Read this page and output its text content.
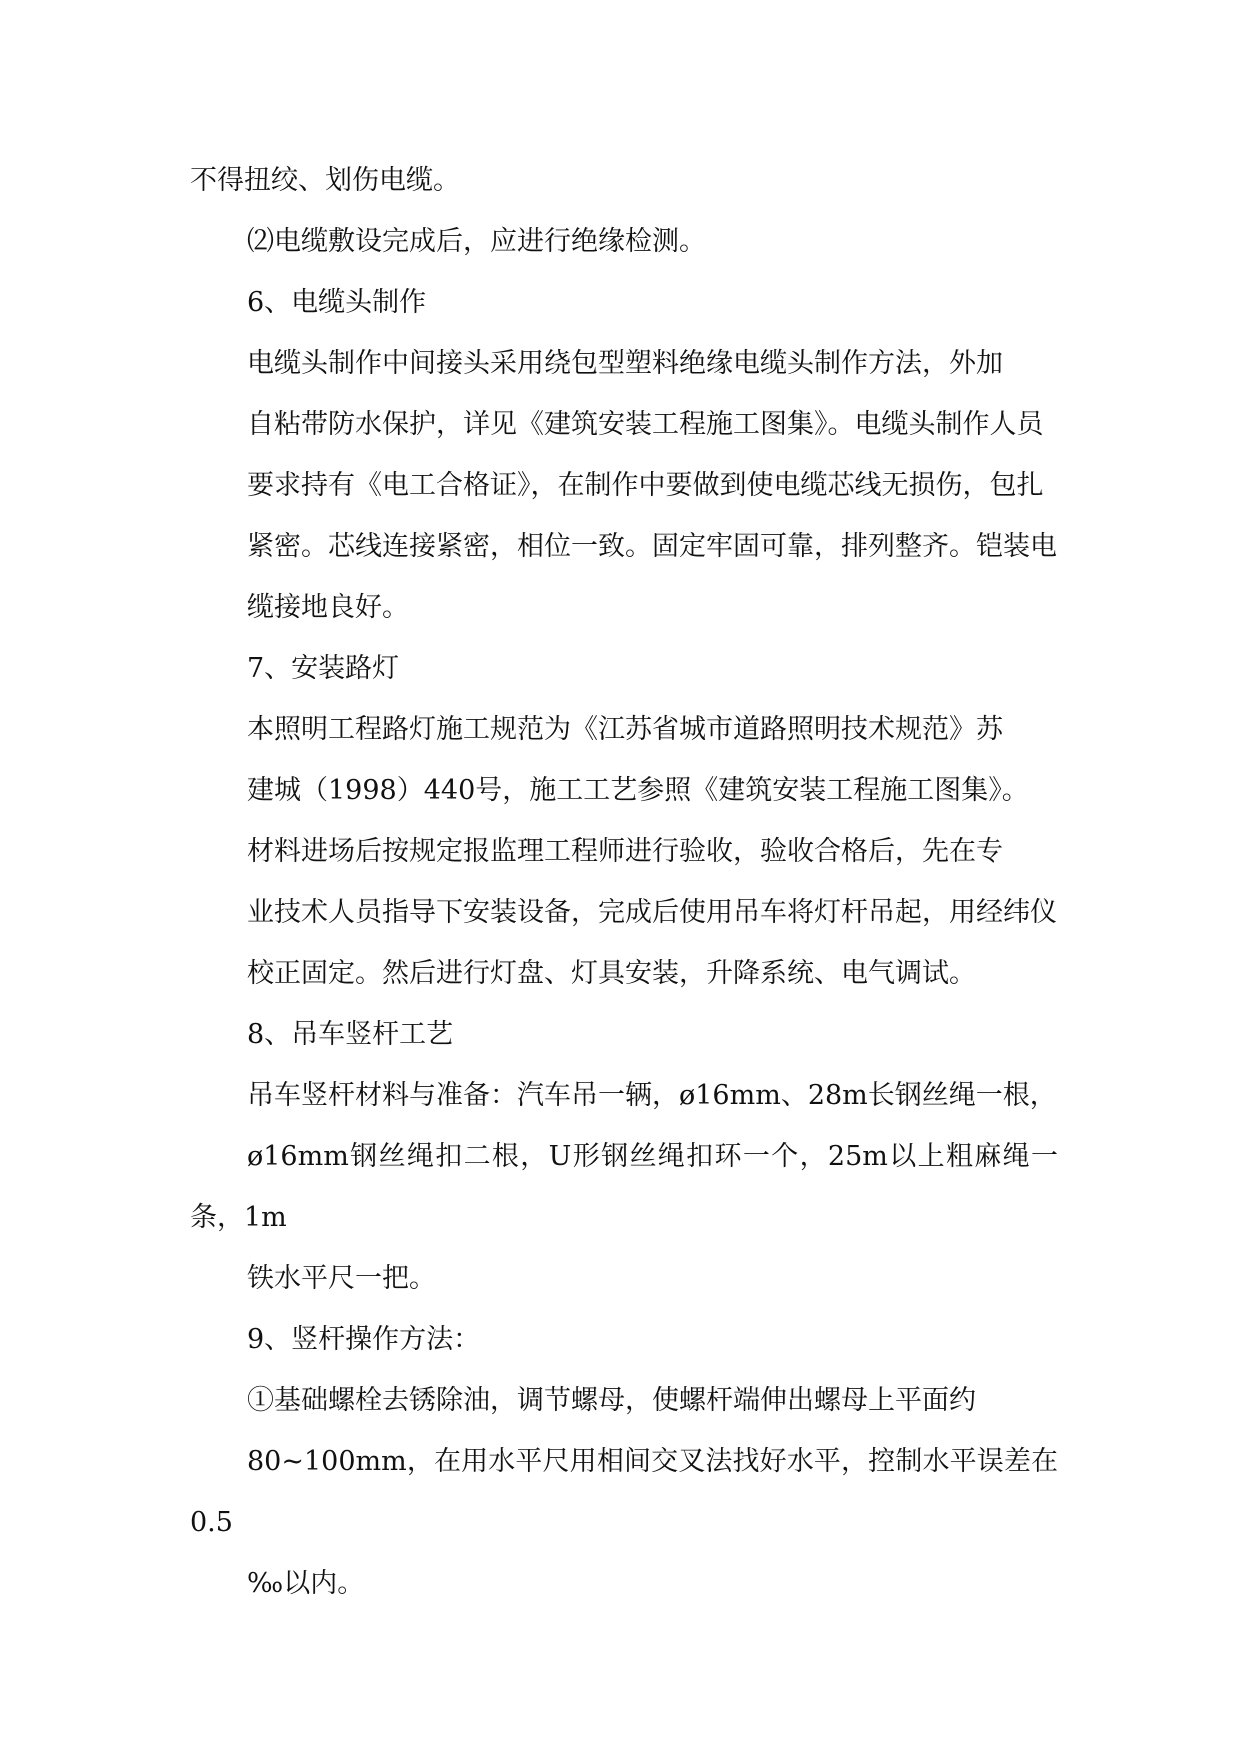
不得扭绞、划伤电缆。

⑵电缆敷设完成后，应进行绝缘检测。

6、电缆头制作

电缆头制作中间接头采用绕包型塑料绝缘电缆头制作方法，外加
自粘带防水保护，详见《建筑安装工程施工图集》。电缆头制作人员
要求持有《电工合格证》，在制作中要做到使电缆芯线无损伤，包扎
紧密。芯线连接紧密，相位一致。固定牢固可靠，排列整齐。铠装电
缆接地良好。

7、安装路灯

本照明工程路灯施工规范为《江苏省城市道路照明技术规范》苏
建城（1998）440号，施工工艺参照《建筑安装工程施工图集》。

材料进场后按规定报监理工程师进行验收，验收合格后，先在专
业技术人员指导下安装设备，完成后使用吊车将灯杆吊起，用经纬仪
校正固定。然后进行灯盘、灯具安装，升降系统、电气调试。

8、吊车竖杆工艺

吊车竖杆材料与准备：汽车吊一辆，ø16mm、28m长钢丝绳一根，
ø16mm钢丝绳扣二根，U形钢丝绳扣环一个，25m以上粗麻绳一条，1m
铁水平尺一把。

9、竖杆操作方法：

①基础螺栓去锈除油，调节螺母，使螺杆端伸出螺母上平面约
80~100mm，在用水平尺用相间交叉法找好水平，控制水平误差在0.5
‰以内。
